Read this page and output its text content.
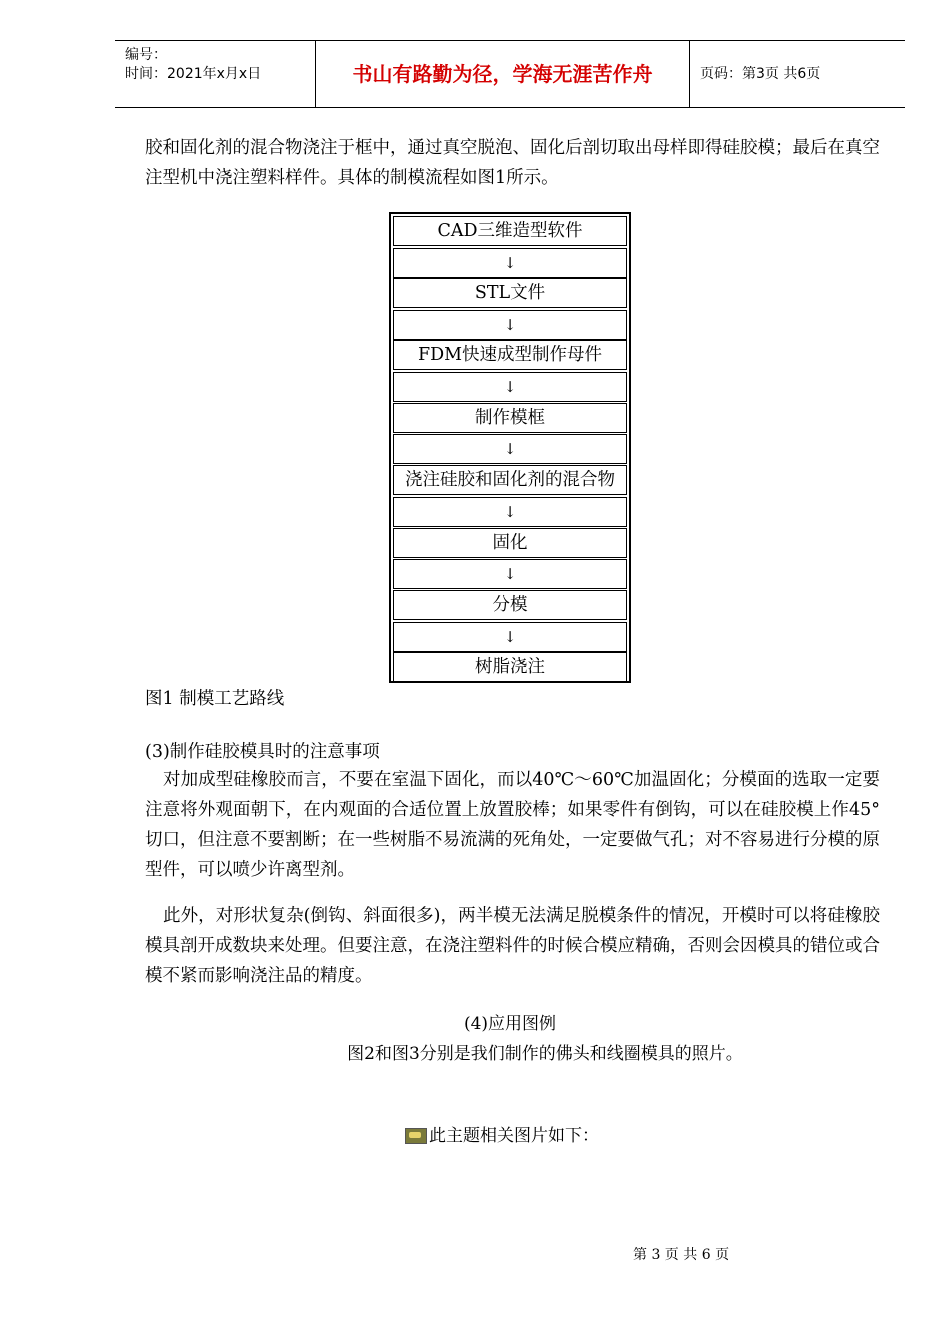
编号：
时间：2021年x月x日	书山有路勤为径，学海无涯苦作舟	页码：第3页 共6页
胶和固化剂的混合物浇注于框中，通过真空脱泡、固化后剖切取出母样即得硅胶模；最后在真空注型机中浇注塑料样件。具体的制模流程如图1所示。
CAD三维造型软件
↓
STL文件
↓
FDM快速成型制作母件
↓
制作模框
↓
浇注硅胶和固化剂的混合物
↓
固化
↓
分模
↓
树脂浇注
图1 制模工艺路线
(3)制作硅胶模具时的注意事项
对加成型硅橡胶而言，不要在室温下固化，而以40℃～60℃加温固化；分模面的选取一定要注意将外观面朝下，在内观面的合适位置上放置胶棒；如果零件有倒钩，可以在硅胶模上作45°切口，但注意不要割断；在一些树脂不易流满的死角处，一定要做气孔；对不容易进行分模的原型件，可以喷少许离型剂。
此外，对形状复杂(倒钩、斜面很多)，两半模无法满足脱模条件的情况，开模时可以将硅橡胶模具剖开成数块来处理。但要注意，在浇注塑料件的时候合模应精确，否则会因模具的错位或合模不紧而影响浇注品的精度。
(4)应用图例
图2和图3分别是我们制作的佛头和线圈模具的照片。
此主题相关图片如下：
第 3 页 共 6 页
